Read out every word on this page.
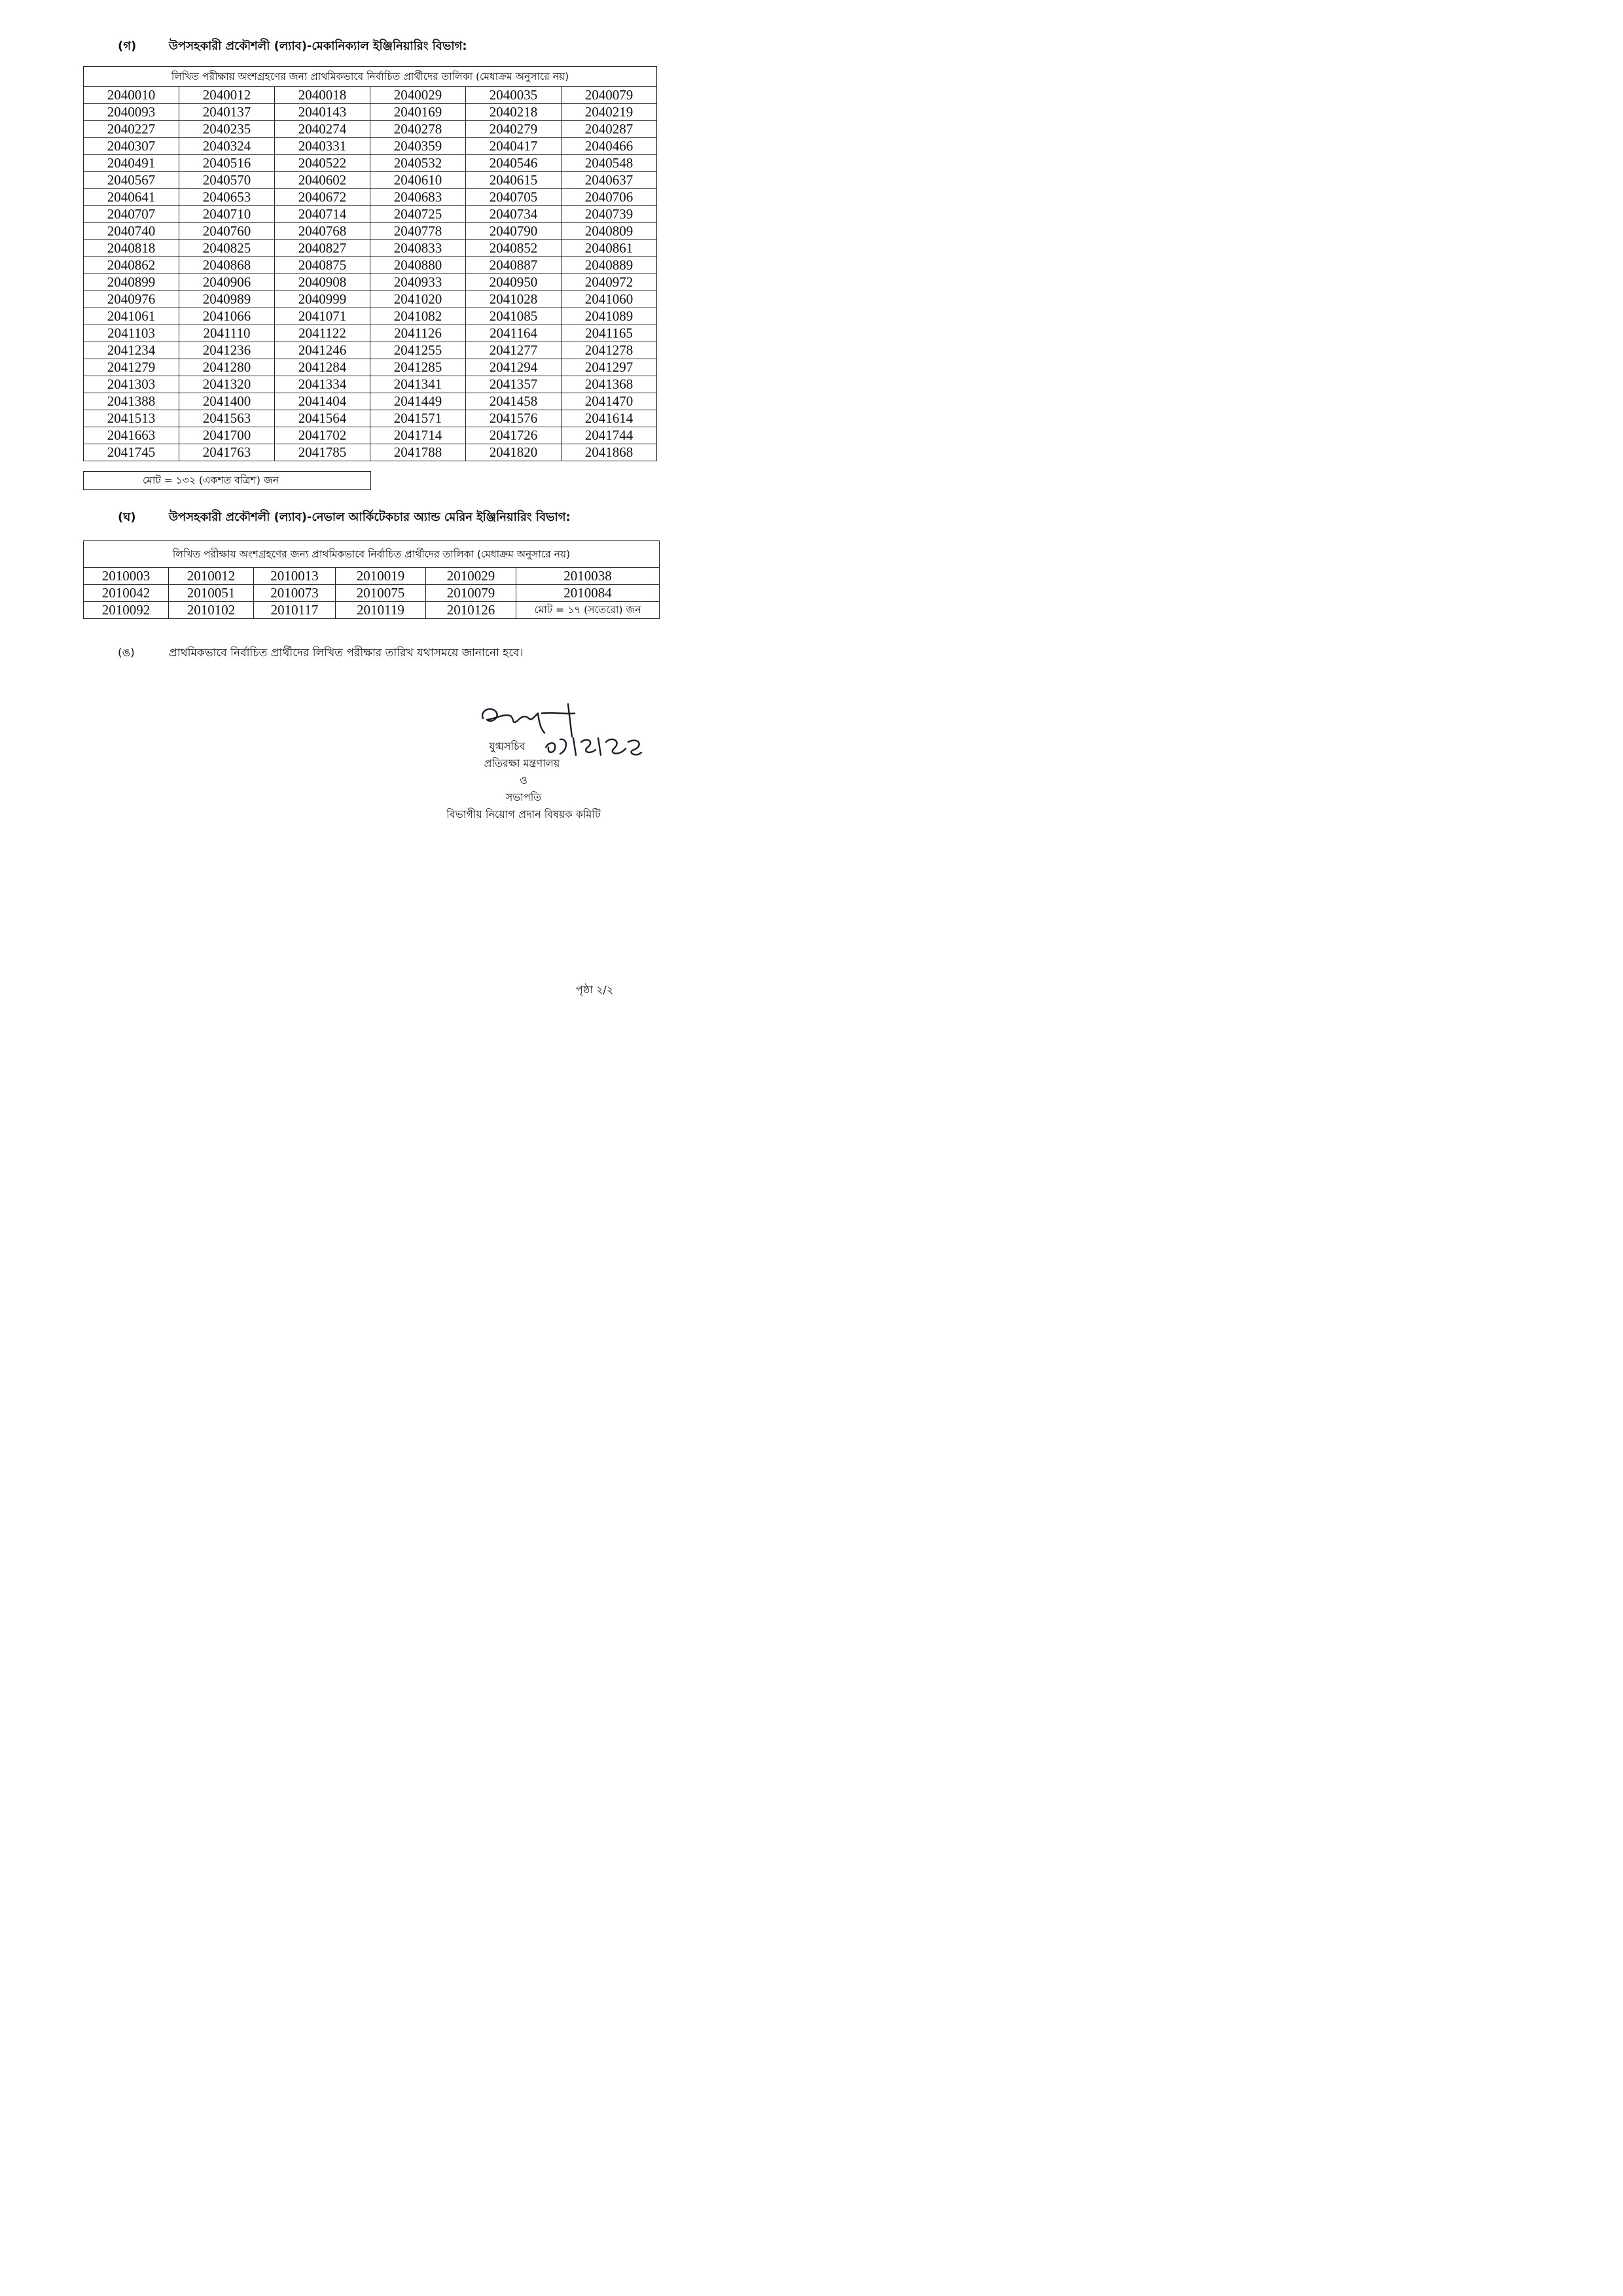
(গ)	উপসহকারী প্রকৌশলী (ল্যাব)-মেকানিক্যাল ইঞ্জিনিয়ারিং বিভাগ:
লিখিত পরীক্ষায় অংশগ্রহণের জন্য প্রাথমিকভাবে নির্বাচিত প্রার্থীদের তালিকা (মেধাক্রম অনুসারে নয়)					
2040010	2040012	2040018	2040029	2040035	2040079
2040093	2040137	2040143	2040169	2040218	2040219
2040227	2040235	2040274	2040278	2040279	2040287
2040307	2040324	2040331	2040359	2040417	2040466
2040491	2040516	2040522	2040532	2040546	2040548
2040567	2040570	2040602	2040610	2040615	2040637
2040641	2040653	2040672	2040683	2040705	2040706
2040707	2040710	2040714	2040725	2040734	2040739
2040740	2040760	2040768	2040778	2040790	2040809
2040818	2040825	2040827	2040833	2040852	2040861
2040862	2040868	2040875	2040880	2040887	2040889
2040899	2040906	2040908	2040933	2040950	2040972
2040976	2040989	2040999	2041020	2041028	2041060
2041061	2041066	2041071	2041082	2041085	2041089
2041103	2041110	2041122	2041126	2041164	2041165
2041234	2041236	2041246	2041255	2041277	2041278
2041279	2041280	2041284	2041285	2041294	2041297
2041303	2041320	2041334	2041341	2041357	2041368
2041388	2041400	2041404	2041449	2041458	2041470
2041513	2041563	2041564	2041571	2041576	2041614
2041663	2041700	2041702	2041714	2041726	2041744
2041745	2041763	2041785	2041788	2041820	2041868
মোট = ১৩২ (একশত বত্রিশ) জন
(ঘ)	উপসহকারী প্রকৌশলী (ল্যাব)-নেভাল আর্কিটেকচার অ্যান্ড মেরিন ইঞ্জিনিয়ারিং বিভাগ:
লিখিত পরীক্ষায় অংশগ্রহণের জন্য প্রাথমিকভাবে নির্বাচিত প্রার্থীদের তালিকা (মেধাক্রম অনুসারে নয়)					
2010003	2010012	2010013	2010019	2010029	2010038
2010042	2010051	2010073	2010075	2010079	2010084
2010092	2010102	2010117	2010119	2010126	মোট = ১৭ (সতেরো) জন
(ঙ)	প্রাথমিকভাবে নির্বাচিত প্রার্থীদের লিখিত পরীক্ষার তারিখ যথাসময়ে জানানো হবে।
যুগ্মসচিব
প্রতিরক্ষা মন্ত্রণালয়
ও
সভাপতি
বিভাগীয় নিয়োগ প্রদান বিষয়ক কমিটি
পৃষ্ঠা ২/২
